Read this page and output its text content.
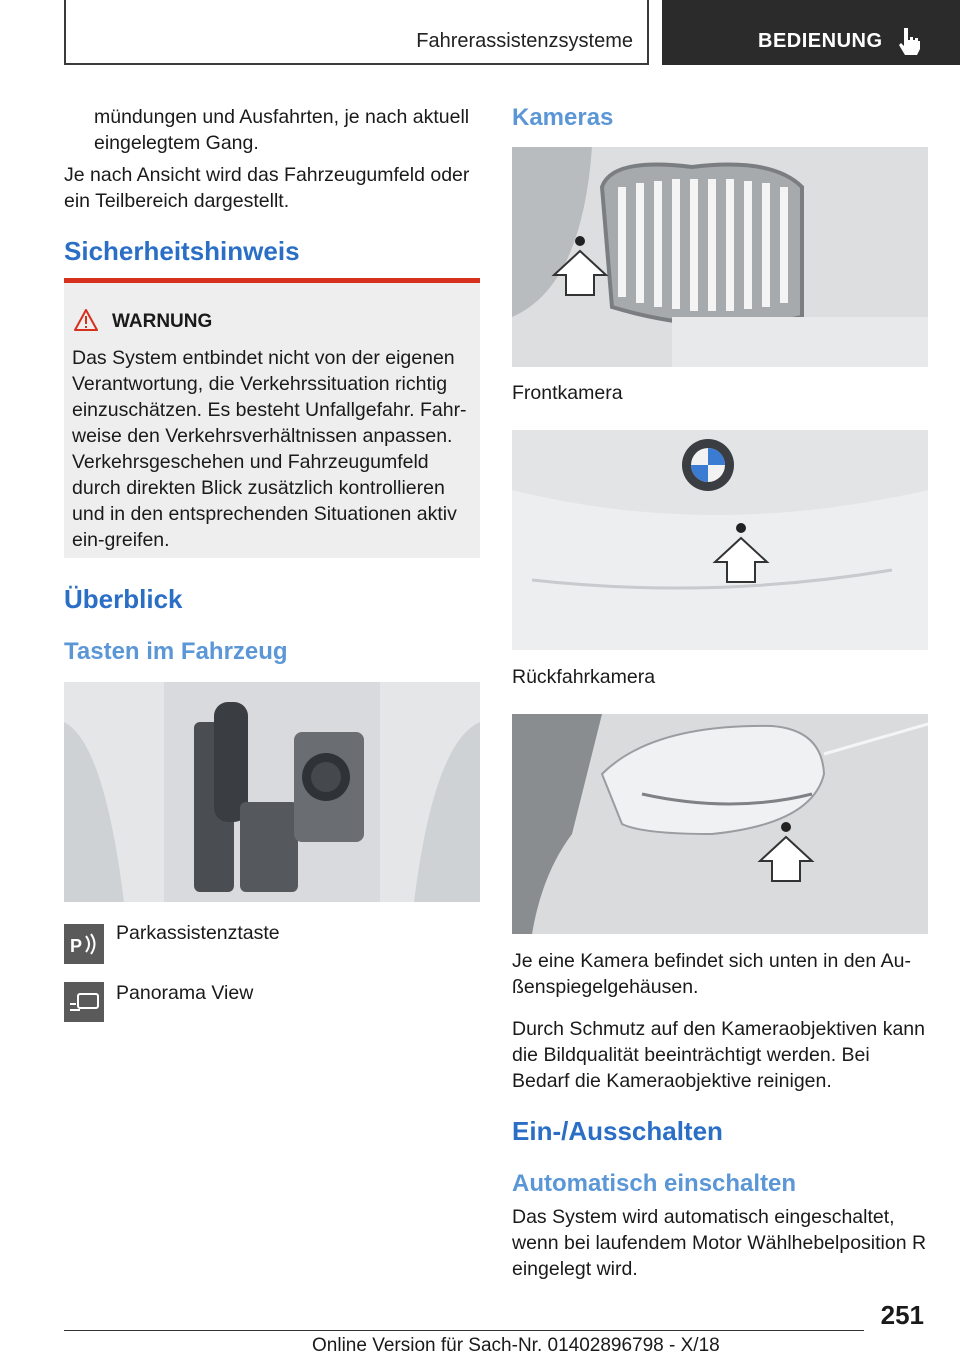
Fahrerassistenzsysteme	BEDIENUNG
mündungen und Ausfahrten, je nach aktuell eingelegtem Gang.
Je nach Ansicht wird das Fahrzeugumfeld oder ein Teilbereich dargestellt.
Sicherheitshinweis
WARNUNG
Das System entbindet nicht von der eigenen Verantwortung, die Verkehrssituation richtig einzuschätzen. Es besteht Unfallgefahr. Fahr-weise den Verkehrsverhältnissen anpassen. Verkehrsgeschehen und Fahrzeugumfeld durch direkten Blick zusätzlich kontrollieren und in den entsprechenden Situationen aktiv ein-greifen.
Überblick
Tasten im Fahrzeug
P
Parkassistenztaste
Panorama View
Kameras
Frontkamera
Rückfahrkamera
Je eine Kamera befindet sich unten in den Au-ßenspiegelgehäusen.
Durch Schmutz auf den Kameraobjektiven kann die Bildqualität beeinträchtigt werden. Bei Bedarf die Kameraobjektive reinigen.
Ein-/Ausschalten
Automatisch einschalten
Das System wird automatisch eingeschaltet, wenn bei laufendem Motor Wählhebelposition R eingelegt wird.
251
Online Version für Sach-Nr. 01402896798 - X/18
